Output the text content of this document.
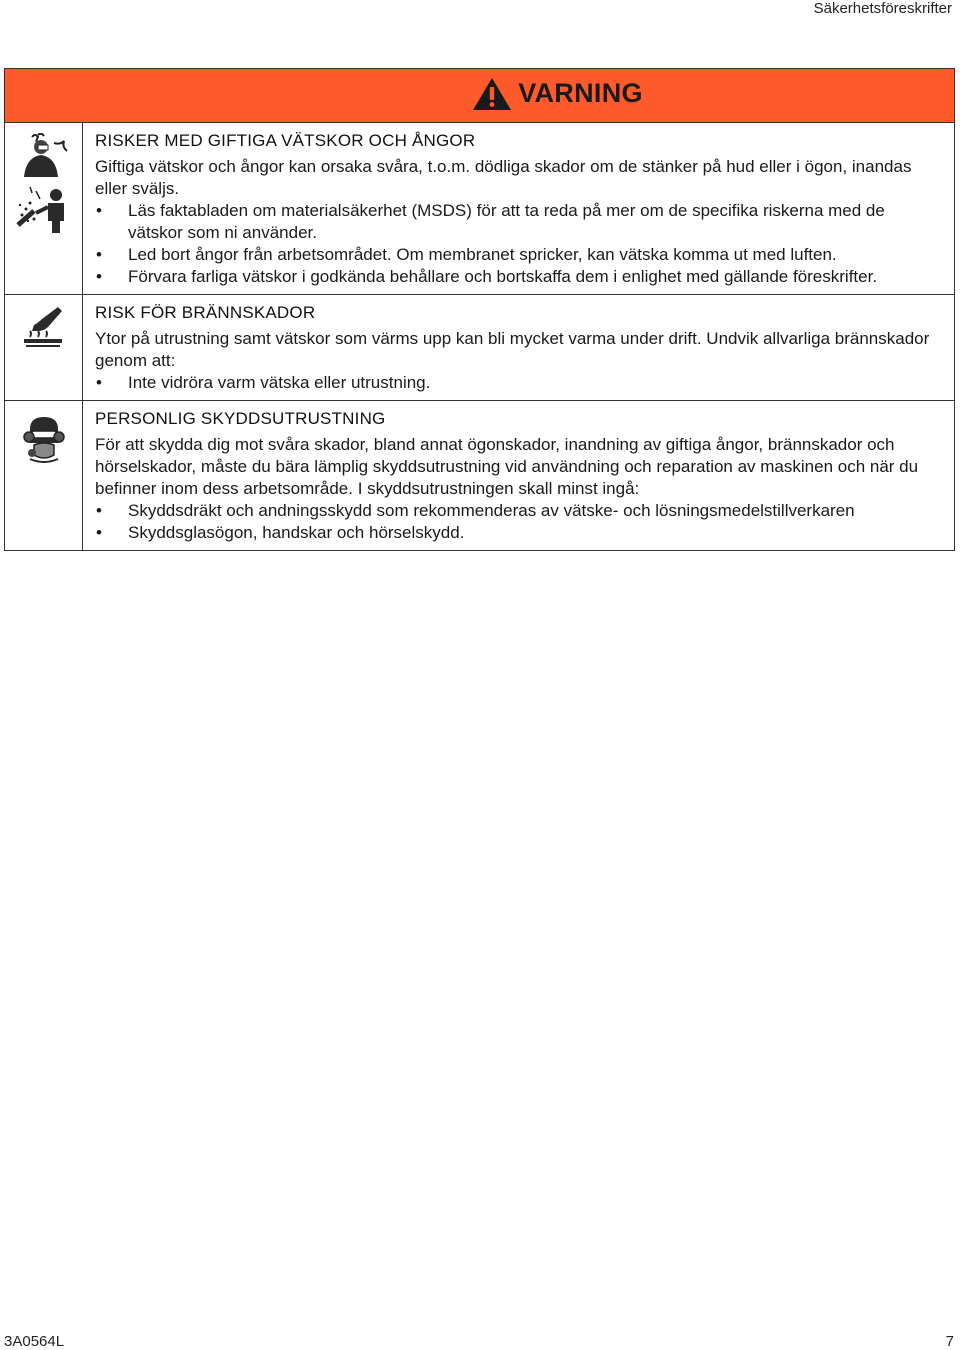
Säkerhetsföreskrifter
VARNING
RISKER MED GIFTIGA VÄTSKOR OCH ÅNGOR

Giftiga vätskor och ångor kan orsaka svåra, t.o.m. dödliga skador om de stänker på hud eller i ögon, inandas eller sväljs.

• Läs faktabladen om materialsäkerhet (MSDS) för att ta reda på mer om de specifika riskerna med de vätskor som ni använder.
• Led bort ångor från arbetsområdet. Om membranet spricker, kan vätska komma ut med luften.
• Förvara farliga vätskor i godkända behållare och bortskaffa dem i enlighet med gällande föreskrifter.
RISK FÖR BRÄNNSKADOR

Ytor på utrustning samt vätskor som värms upp kan bli mycket varma under drift. Undvik allvarliga brännskador genom att:

• Inte vidröra varm vätska eller utrustning.
PERSONLIG SKYDDSUTRUSTNING

För att skydda dig mot svåra skador, bland annat ögonskador, inandning av giftiga ångor, brännskador och hörselskador, måste du bära lämplig skyddsutrustning vid användning och reparation av maskinen och när du befinner inom dess arbetsområde. I skyddsutrustningen skall minst ingå:

• Skyddsdräkt och andningsskydd som rekommenderas av vätske- och lösningsmedelstillverkaren
• Skyddsglasögon, handskar och hörselskydd.
3A0564L	7
